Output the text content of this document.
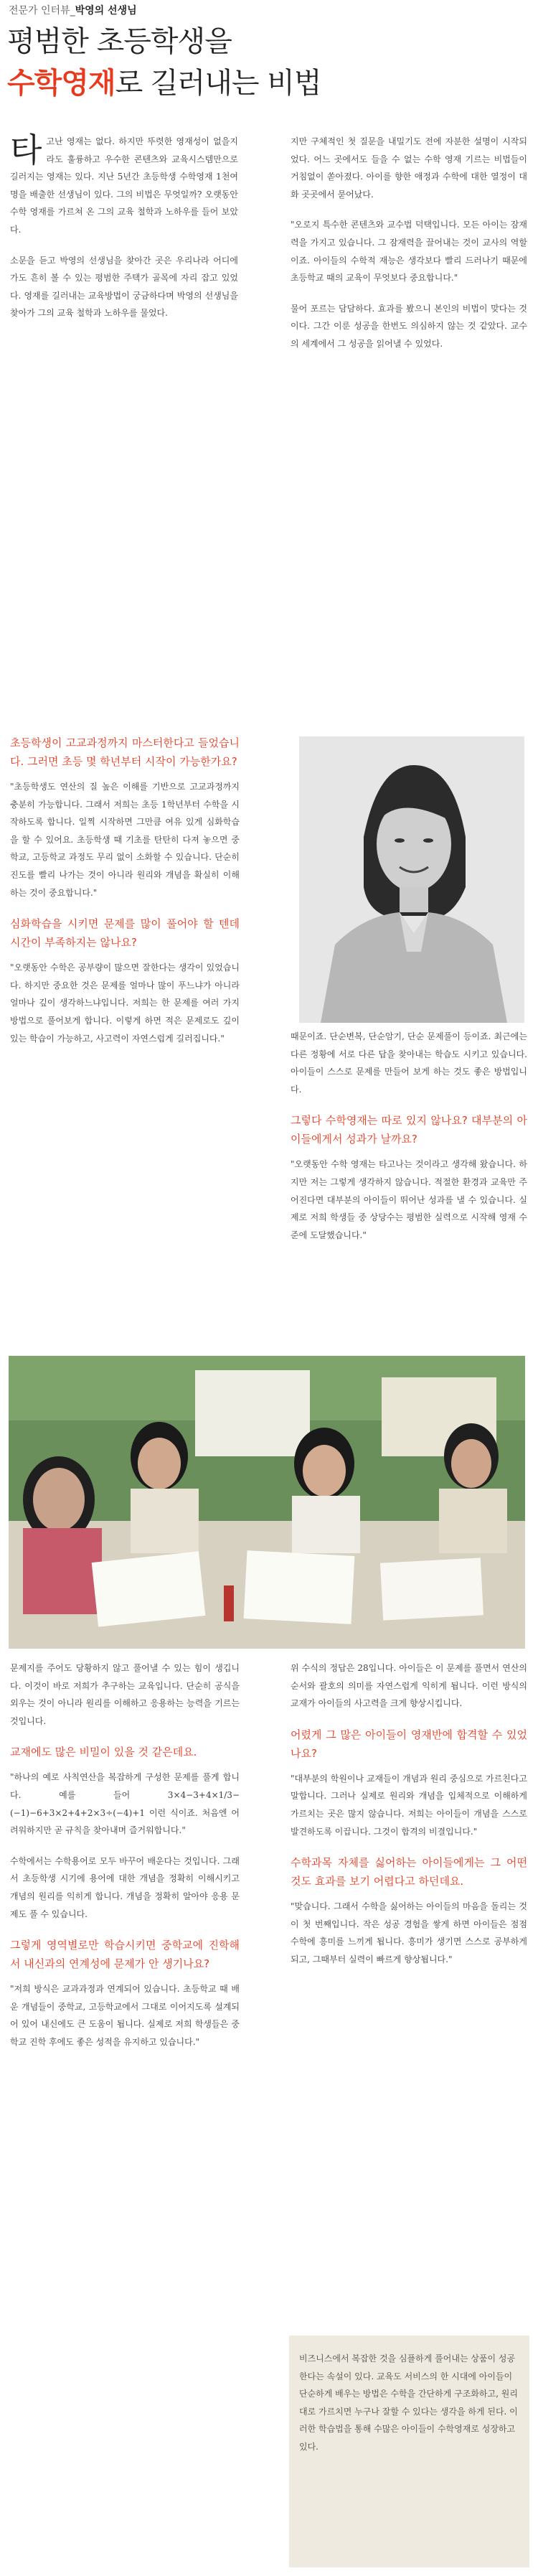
전문가 인터뷰_박영의 선생님
평범한 초등학생을
수학영재로 길러내는 비법

타고난 영재는 없다. 하지만 뚜렷한 영재성이 없을지라도 훌륭하고 우수한 콘텐츠와 교육시스템만으로 길러지는 영재는 있다. 지난 5년간 초등학생 수학영재 1천여 명을 배출한 선생님이 있다. 그의 비법은 무엇일까? 오랫동안 수학 영재를 가르쳐 온 그의 교육 철학과 노하우를 들어 보았다.

소문을 듣고 박영의 선생님을 찾아간 곳은 우리나라 어디에 가도 흔히 볼 수 있는 평범한 주택가 골목에 자리 잡고 있었다. 영재를 길러내는 교육방법이 궁금하다며 박영의 선생님을 찾아가 그의 교육 철학과 노하우를 물었다.

지만 구체적인 첫 질문을 내밀기도 전에 자분한 설명이 시작되었다. 어느 곳에서도 들을 수 없는 수학 영재 기르는 비법들이 거침없이 쏟아졌다. 아이를 향한 애정과 수학에 대한 열정이 대화 곳곳에서 묻어났다.

"오로지 특수한 콘텐츠와 교수법 덕택입니다. 모든 아이는 잠재력을 가지고 있습니다. 그 잠재력을 끌어내는 것이 교사의 역할이죠. 아이들의 수학적 재능은 생각보다 빨리 드러나기 때문에 초등학교 때의 교육이 무엇보다 중요합니다."

물어 포르는 담담하다. 효과를 봤으니 본인의 비법이 맞다는 것이다. 그간 이룬 성공을 한번도 의심하지 않는 것 같았다. 교수의 세계에서 그 성공을 읽어낼 수 있었다.

초등학생이 고교과정까지 마스터한다고 들었습니다. 그러면 초등 몇 학년부터 시작이 가능한가요?

"초등학생도 연산의 질 높은 이해를 기반으로 고교과정까지 충분히 가능합니다. 그래서 저희는 초등 1학년부터 수학을 시작하도록 합니다. 일찍 시작하면 그만큼 여유 있게 심화학습을 할 수 있어요. 초등학생 때 기초를 탄탄히 다져 놓으면 중학교, 고등학교 과정도 무리 없이 소화할 수 있습니다. 단순히 진도를 빨리 나가는 것이 아니라 원리와 개념을 확실히 이해하는 것이 중요합니다."

심화학습을 시키면 문제를 많이 풀어야 할 텐데 시간이 부족하지는 않나요?

"오랫동안 수학은 공부량이 많으면 잘한다는 생각이 있었습니다. 하지만 중요한 것은 문제를 얼마나 많이 푸느냐가 아니라 얼마나 깊이 생각하느냐입니다. 저희는 한 문제를 여러 가지 방법으로 풀어보게 합니다. 이렇게 하면 적은 문제로도 깊이 있는 학습이 가능하고, 사고력이 자연스럽게 길러집니다."	때문이죠. 단순변복, 단순암기, 단순 문제풀이 등이죠. 최근에는 다른 정황에 서로 다른 답을 찾아내는 학습도 시키고 있습니다. 아이들이 스스로 문제를 만들어 보게 하는 것도 좋은 방법입니다.

그렇다 수학영재는 따로 있지 않나요? 대부분의 아이들에게서 성과가 날까요?

"오랫동안 수학 영재는 타고나는 것이라고 생각해 왔습니다. 하지만 저는 그렇게 생각하지 않습니다. 적절한 환경과 교육만 주어진다면 대부분의 아이들이 뛰어난 성과를 낼 수 있습니다. 실제로 저희 학생들 중 상당수는 평범한 실력으로 시작해 영재 수준에 도달했습니다."

문제지를 주어도 당황하지 않고 풀어낼 수 있는 힘이 생깁니다. 이것이 바로 저희가 추구하는 교육입니다. 단순히 공식을 외우는 것이 아니라 원리를 이해하고 응용하는 능력을 기르는 것입니다.

교재에도 많은 비밀이 있을 것 같은데요.

"하나의 예로 사칙연산을 복잡하게 구성한 문제를 풀게 합니다. 예를 들어 3×4−3+4×1/3−(−1)−6+3×2+4+2×3÷(−4)+1 이런 식이죠. 처음엔 어려워하지만 곧 규칙을 찾아내며 즐거워합니다."

수학에서는 수학용어로 모두 바꾸어 배운다는 것입니다. 그래서 초등학생 시기에 용어에 대한 개념을 정확히 이해시키고 개념의 원리를 익히게 합니다. 개념을 정확히 알아야 응용 문제도 풀 수 있습니다.

그렇게 영역별로만 학습시키면 중학교에 진학해서 내신과의 연계성에 문제가 안 생기나요?

"저희 방식은 교과과정과 연계되어 있습니다. 초등학교 때 배운 개념들이 중학교, 고등학교에서 그대로 이어지도록 설계되어 있어 내신에도 큰 도움이 됩니다. 실제로 저희 학생들은 중학교 진학 후에도 좋은 성적을 유지하고 있습니다."

위 수식의 정답은 28입니다. 아이들은 이 문제를 풀면서 연산의 순서와 괄호의 의미를 자연스럽게 익히게 됩니다. 이런 방식의 교재가 아이들의 사고력을 크게 향상시킵니다.

어렸게 그 많은 아이들이 영재반에 합격할 수 있었나요?

"대부분의 학원이나 교재들이 개념과 원리 중심으로 가르친다고 말합니다. 그러나 실제로 원리와 개념을 입체적으로 이해하게 가르치는 곳은 많지 않습니다. 저희는 아이들이 개념을 스스로 발견하도록 이끕니다. 그것이 합격의 비결입니다."

수학과목 자체를 싫어하는 아이들에게는 그 어떤 것도 효과를 보기 어렵다고 하던데요.

"맞습니다. 그래서 수학을 싫어하는 아이들의 마음을 돌리는 것이 첫 번째입니다. 작은 성공 경험을 쌓게 하면 아이들은 점점 수학에 흥미를 느끼게 됩니다. 흥미가 생기면 스스로 공부하게 되고, 그때부터 실력이 빠르게 향상됩니다."

비즈니스에서 복잡한 것을 심플하게 풀어내는 상품이 성공한다는 속설이 있다. 교육도 서비스의 한 시대에 아이들이 단순하게 배우는 방법은 수학을 간단하게 구조화하고, 원리대로 가르치면 누구나 잘할 수 있다는 생각을 하게 된다. 이러한 학습법을 통해 수많은 아이들이 수학영재로 성장하고 있다.
